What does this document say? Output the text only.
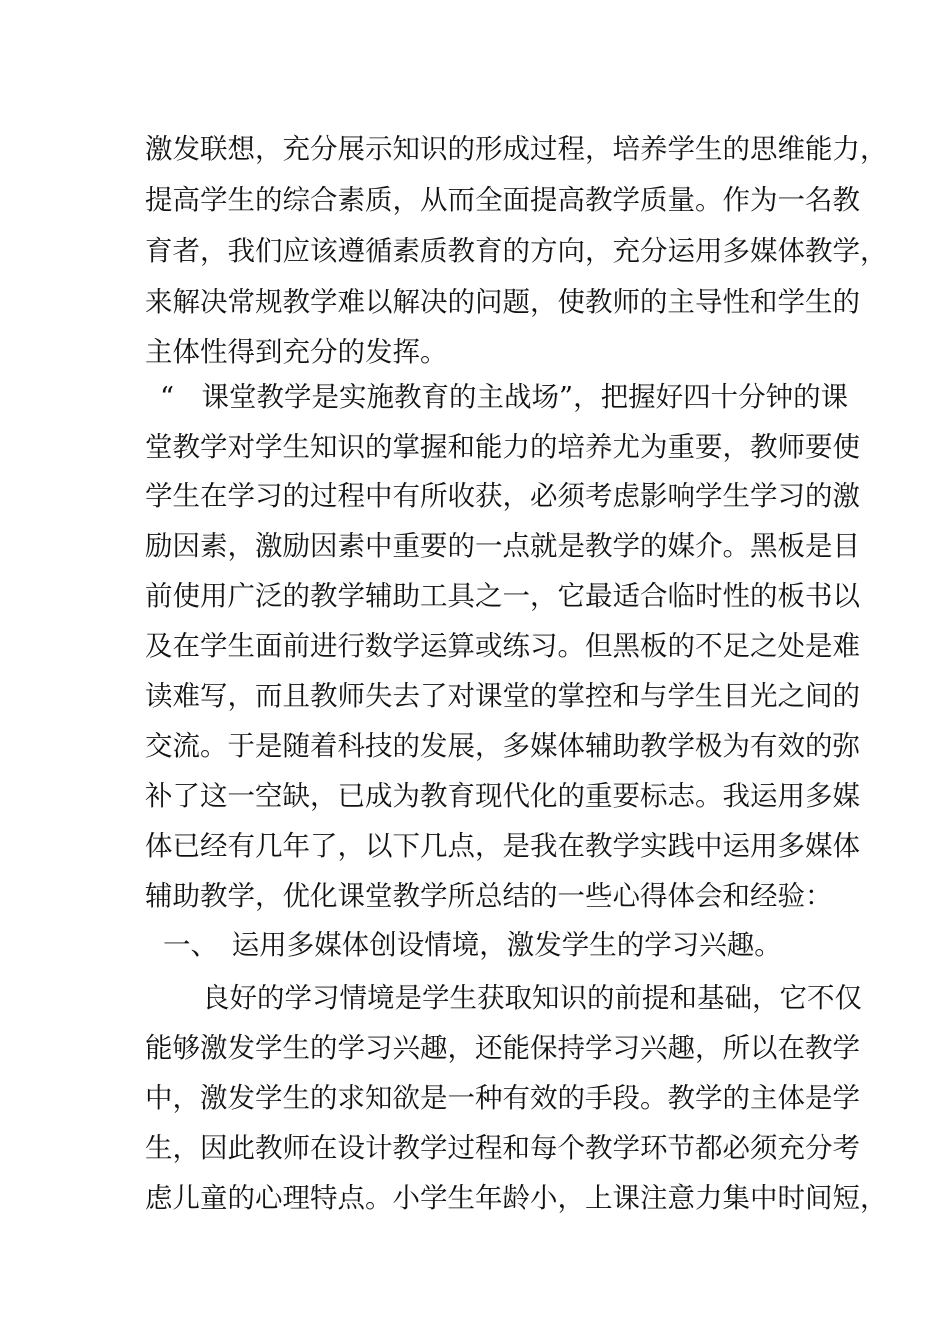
激发联想，充分展示知识的形成过程，培养学生的思维能力，
提高学生的综合素质，从而全面提高教学质量。作为一名教
育者，我们应该遵循素质教育的方向，充分运用多媒体教学，
来解决常规教学难以解决的问题，使教师的主导性和学生的
主体性得到充分的发挥。
“　课堂教学是实施教育的主战场”，把握好四十分钟的课
堂教学对学生知识的掌握和能力的培养尤为重要，教师要使
学生在学习的过程中有所收获，必须考虑影响学生学习的激
励因素，激励因素中重要的一点就是教学的媒介。黑板是目
前使用广泛的教学辅助工具之一，它最适合临时性的板书以
及在学生面前进行数学运算或练习。但黑板的不足之处是难
读难写，而且教师失去了对课堂的掌控和与学生目光之间的
交流。于是随着科技的发展，多媒体辅助教学极为有效的弥
补了这一空缺，已成为教育现代化的重要标志。我运用多媒
体已经有几年了，以下几点，是我在教学实践中运用多媒体
辅助教学，优化课堂教学所总结的一些心得体会和经验：
一、　运用多媒体创设情境，激发学生的学习兴趣。
良好的学习情境是学生获取知识的前提和基础，它不仅
能够激发学生的学习兴趣，还能保持学习兴趣，所以在教学
中，激发学生的求知欲是一种有效的手段。教学的主体是学
生，因此教师在设计教学过程和每个教学环节都必须充分考
虑儿童的心理特点。小学生年龄小，上课注意力集中时间短，
